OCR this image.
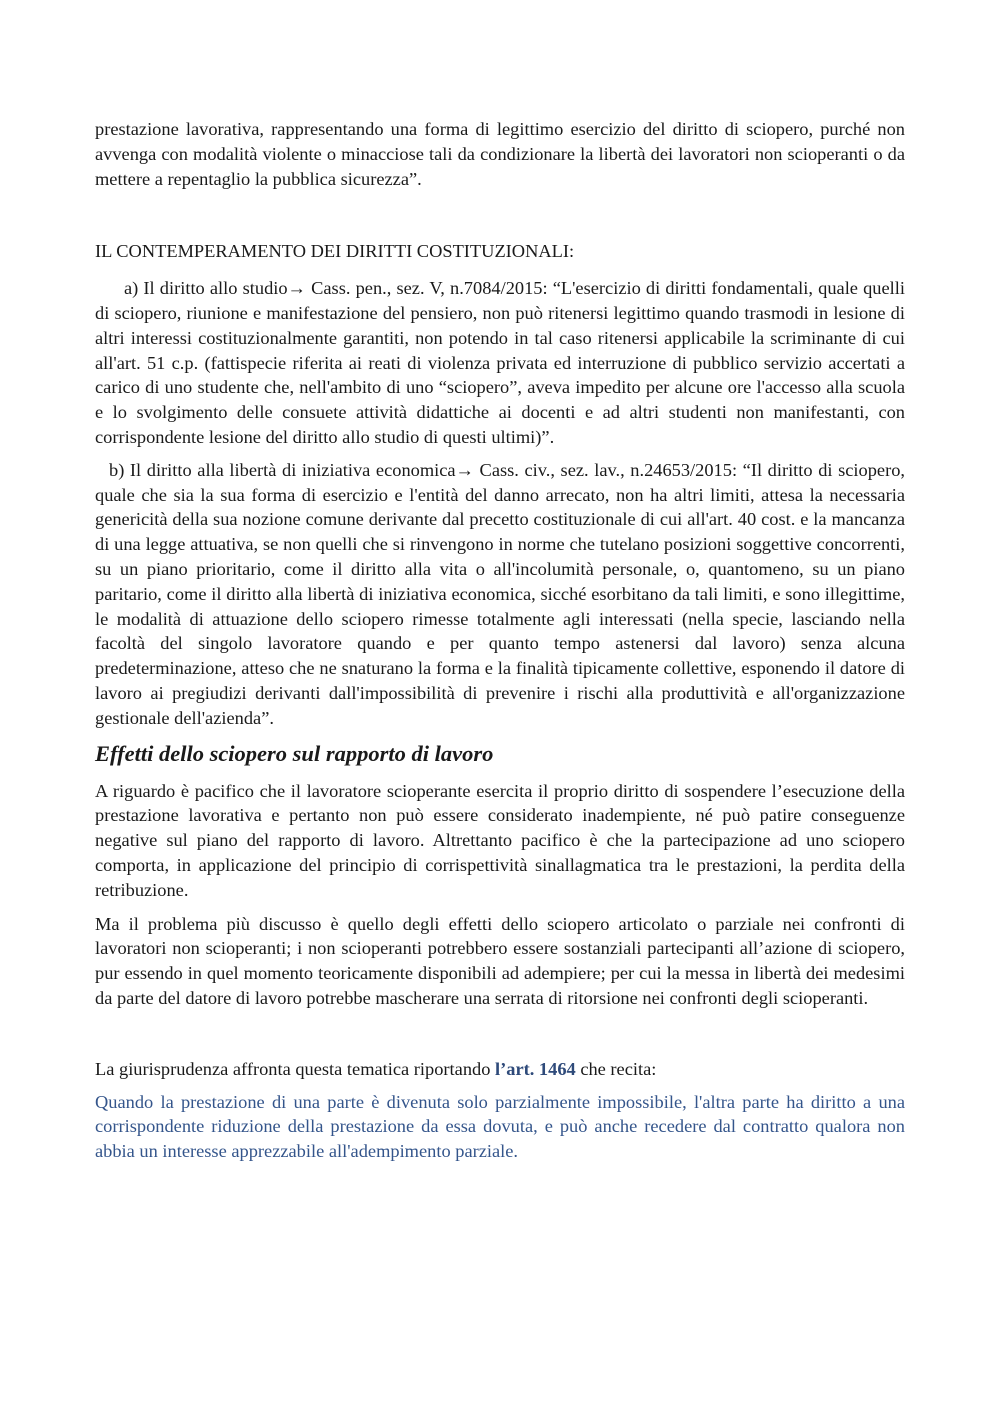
prestazione lavorativa, rappresentando una forma di legittimo esercizio del diritto di sciopero, purché non avvenga con modalità violente o minacciose tali da condizionare la libertà dei lavoratori non scioperanti o da mettere a repentaglio la pubblica sicurezza”.

IL CONTEMPERAMENTO DEI DIRITTI COSTITUZIONALI:

a) Il diritto allo studio→ Cass. pen., sez. V, n.7084/2015: “L'esercizio di diritti fondamentali, quale quelli di sciopero, riunione e manifestazione del pensiero, non può ritenersi legittimo quando trasmodi in lesione di altri interessi costituzionalmente garantiti, non potendo in tal caso ritenersi applicabile la scriminante di cui all'art. 51 c.p. (fattispecie riferita ai reati di violenza privata ed interruzione di pubblico servizio accertati a carico di uno studente che, nell'ambito di uno “sciopero”, aveva impedito per alcune ore l'accesso alla scuola e lo svolgimento delle consuete attività didattiche ai docenti e ad altri studenti non manifestanti, con corrispondente lesione del diritto allo studio di questi ultimi)”.

b) Il diritto alla libertà di iniziativa economica→ Cass. civ., sez. lav., n.24653/2015: “Il diritto di sciopero, quale che sia la sua forma di esercizio e l'entità del danno arrecato, non ha altri limiti, attesa la necessaria genericità della sua nozione comune derivante dal precetto costituzionale di cui all'art. 40 cost. e la mancanza di una legge attuativa, se non quelli che si rinvengono in norme che tutelano posizioni soggettive concorrenti, su un piano prioritario, come il diritto alla vita o all'incolumità personale, o, quantomeno, su un piano paritario, come il diritto alla libertà di iniziativa economica, sicché esorbitano da tali limiti, e sono illegittime, le modalità di attuazione dello sciopero rimesse totalmente agli interessati (nella specie, lasciando nella facoltà del singolo lavoratore quando e per quanto tempo astenersi dal lavoro) senza alcuna predeterminazione, atteso che ne snaturano la forma e la finalità tipicamente collettive, esponendo il datore di lavoro ai pregiudizi derivanti dall'impossibilità di prevenire i rischi alla produttività e all'organizzazione gestionale dell'azienda”.

Effetti dello sciopero sul rapporto di lavoro

A riguardo è pacifico che il lavoratore scioperante esercita il proprio diritto di sospendere l’esecuzione della prestazione lavorativa e pertanto non può essere considerato inadempiente, né può patire conseguenze negative sul piano del rapporto di lavoro. Altrettanto pacifico è che la partecipazione ad uno sciopero comporta, in applicazione del principio di corrispettività sinallagmatica tra le prestazioni, la perdita della retribuzione.

Ma il problema più discusso è quello degli effetti dello sciopero articolato o parziale nei confronti di lavoratori non scioperanti; i non scioperanti potrebbero essere sostanziali partecipanti all’azione di sciopero, pur essendo in quel momento teoricamente disponibili ad adempiere; per cui la messa in libertà dei medesimi da parte del datore di lavoro potrebbe mascherare una serrata di ritorsione nei confronti degli scioperanti.

La giurisprudenza affronta questa tematica riportando l’art. 1464 che recita:

Quando la prestazione di una parte è divenuta solo parzialmente impossibile, l'altra parte ha diritto a una corrispondente riduzione della prestazione da essa dovuta, e può anche recedere dal contratto qualora non abbia un interesse apprezzabile all'adempimento parziale.
